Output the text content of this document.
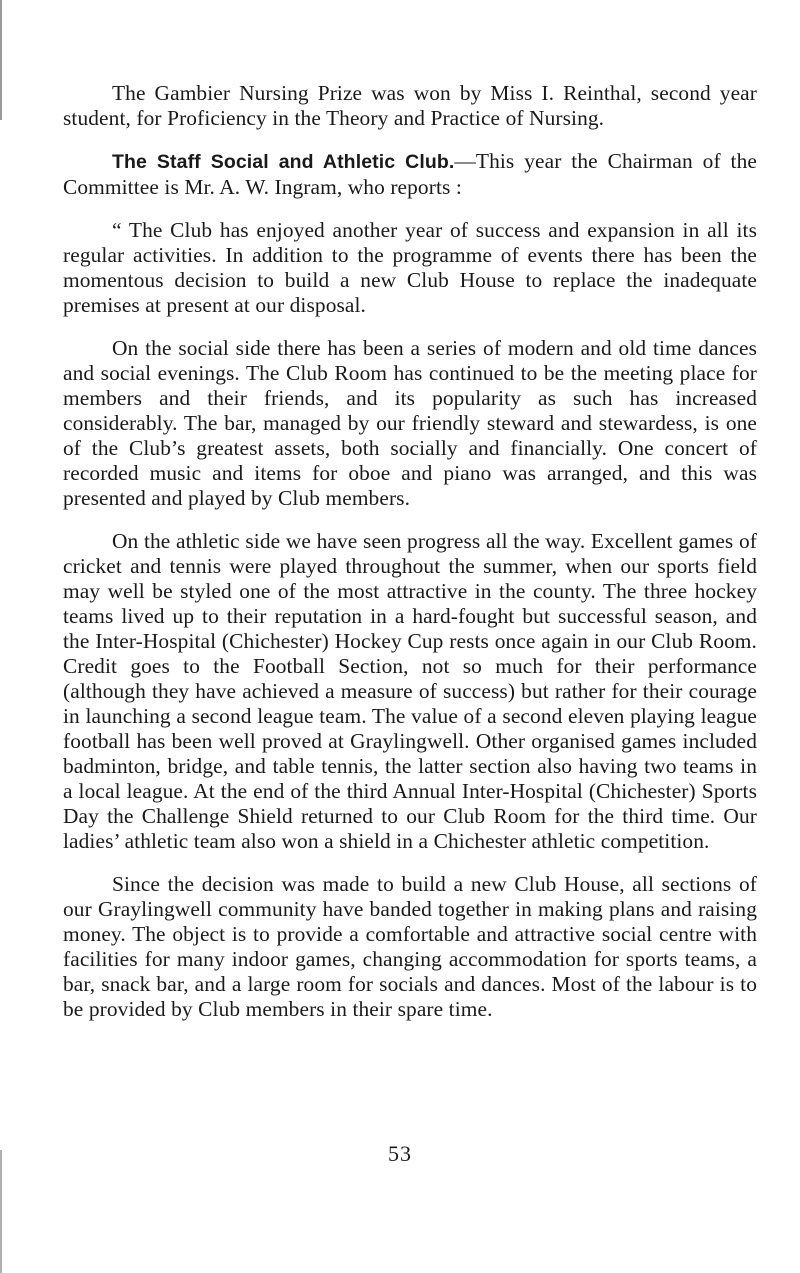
The Gambier Nursing Prize was won by Miss I. Reinthal, second year student, for Proficiency in the Theory and Practice of Nursing.

The Staff Social and Athletic Club.—This year the Chairman of the Committee is Mr. A. W. Ingram, who reports :

“ The Club has enjoyed another year of success and expansion in all its regular activities. In addition to the programme of events there has been the momentous decision to build a new Club House to replace the inadequate premises at present at our disposal.

On the social side there has been a series of modern and old time dances and social evenings. The Club Room has continued to be the meeting place for members and their friends, and its popularity as such has increased considerably. The bar, managed by our friendly steward and stewardess, is one of the Club’s greatest assets, both socially and financially. One concert of recorded music and items for oboe and piano was arranged, and this was presented and played by Club members.

On the athletic side we have seen progress all the way. Excellent games of cricket and tennis were played throughout the summer, when our sports field may well be styled one of the most attractive in the county. The three hockey teams lived up to their reputation in a hard-fought but successful season, and the Inter-Hospital (Chichester) Hockey Cup rests once again in our Club Room. Credit goes to the Football Section, not so much for their performance (although they have achieved a measure of success) but rather for their courage in launching a second league team. The value of a second eleven playing league football has been well proved at Graylingwell. Other organised games included badminton, bridge, and table tennis, the latter section also having two teams in a local league. At the end of the third Annual Inter-Hospital (Chichester) Sports Day the Challenge Shield returned to our Club Room for the third time. Our ladies’ athletic team also won a shield in a Chichester athletic competition.

Since the decision was made to build a new Club House, all sections of our Graylingwell community have banded together in making plans and raising money. The object is to provide a comfortable and attractive social centre with facilities for many indoor games, changing accommodation for sports teams, a bar, snack bar, and a large room for socials and dances. Most of the labour is to be provided by Club members in their spare time.

53
